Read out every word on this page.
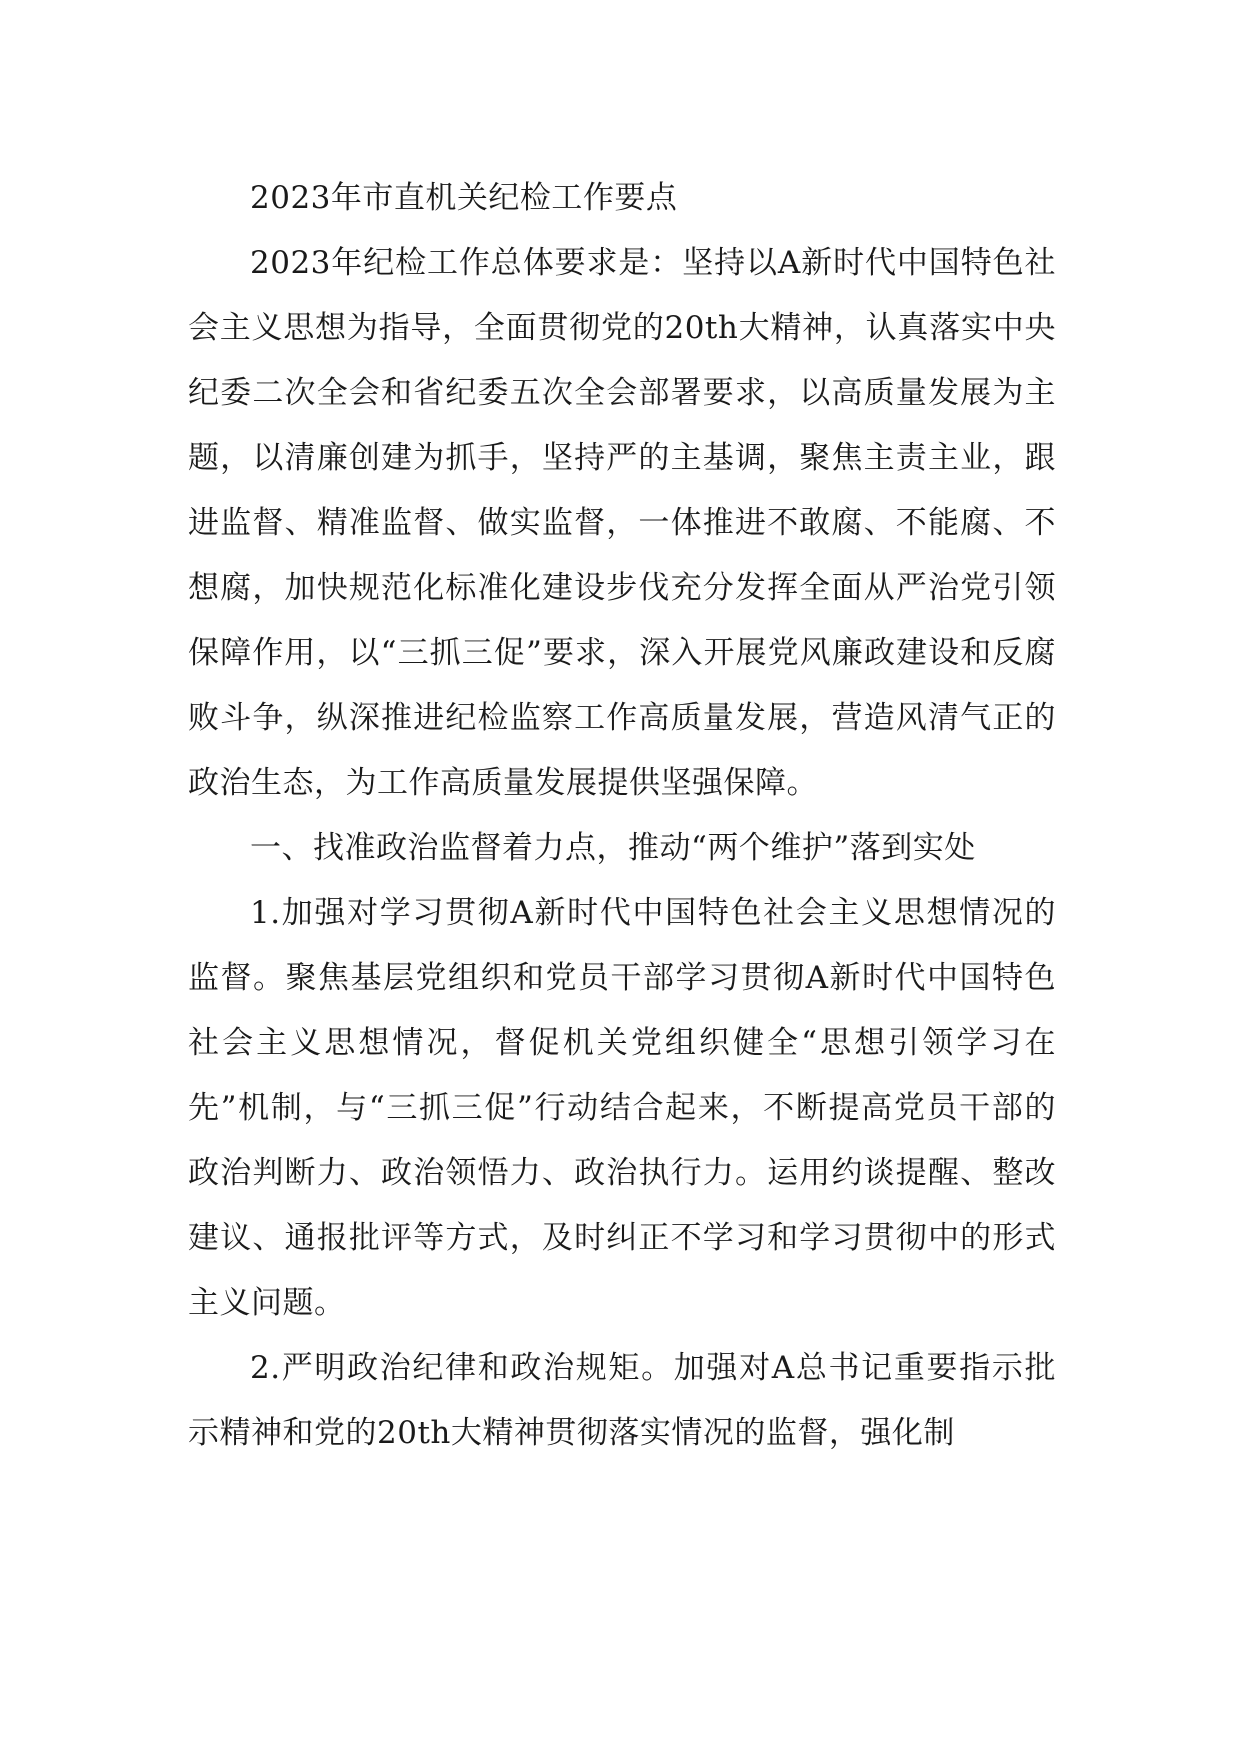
2023年市直机关纪检工作要点

2023年纪检工作总体要求是：坚持以A新时代中国特色社会主义思想为指导，全面贯彻党的20th大精神，认真落实中央纪委二次全会和省纪委五次全会部署要求，以高质量发展为主题，以清廉创建为抓手，坚持严的主基调，聚焦主责主业，跟进监督、精准监督、做实监督，一体推进不敢腐、不能腐、不想腐，加快规范化标准化建设步伐充分发挥全面从严治党引领保障作用，以“三抓三促”要求，深入开展党风廉政建设和反腐败斗争，纵深推进纪检监察工作高质量发展，营造风清气正的政治生态，为工作高质量发展提供坚强保障。

一、找准政治监督着力点，推动“两个维护”落到实处

1.加强对学习贯彻A新时代中国特色社会主义思想情况的监督。聚焦基层党组织和党员干部学习贯彻A新时代中国特色社会主义思想情况，督促机关党组织健全“思想引领学习在先”机制，与“三抓三促”行动结合起来，不断提高党员干部的政治判断力、政治领悟力、政治执行力。运用约谈提醒、整改建议、通报批评等方式，及时纠正不学习和学习贯彻中的形式主义问题。

2.严明政治纪律和政治规矩。加强对A总书记重要指示批示精神和党的20th大精神贯彻落实情况的监督，强化制
